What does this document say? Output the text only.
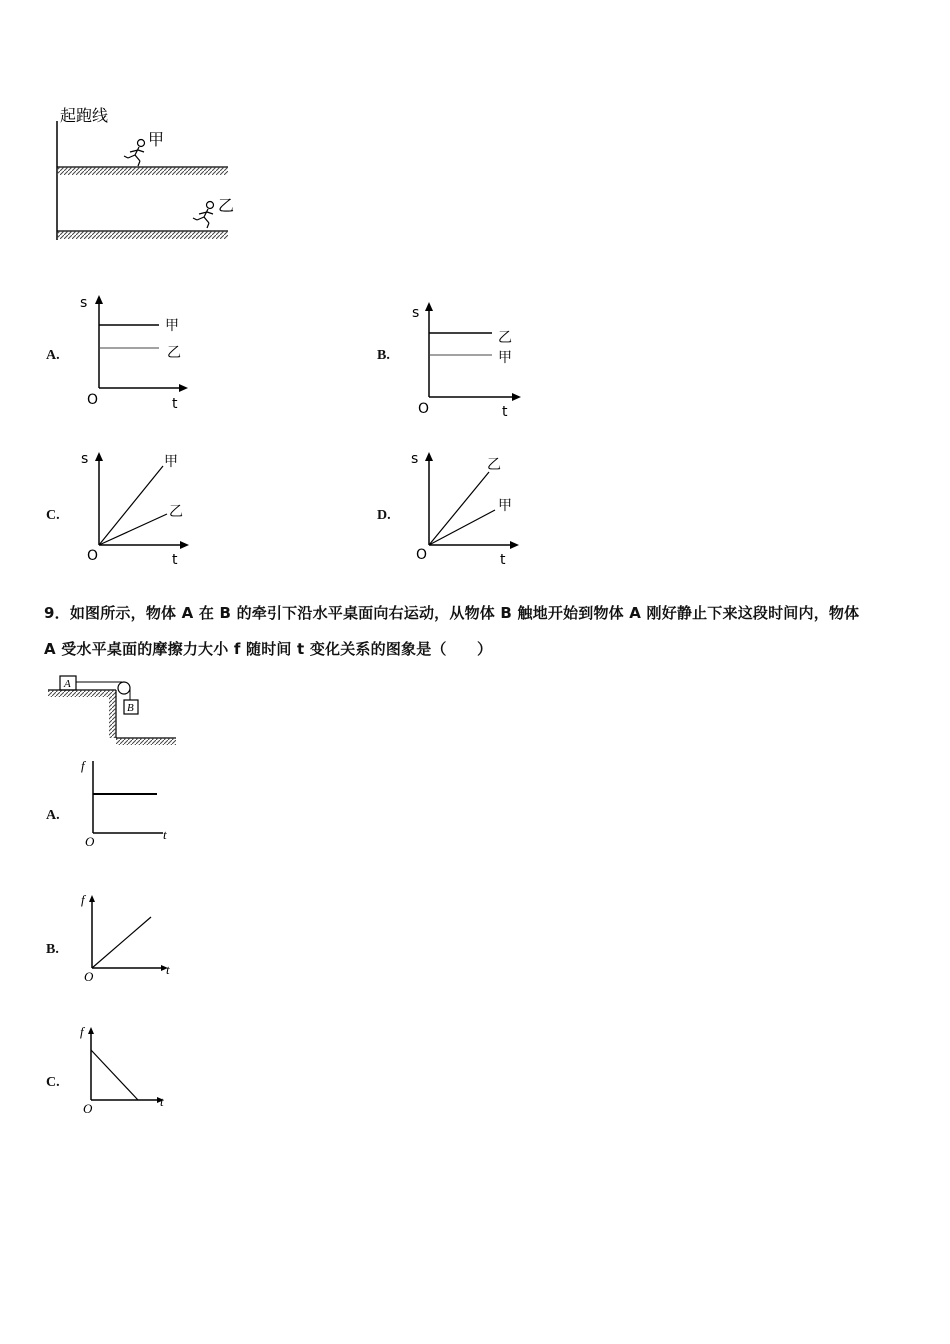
起跑线
甲
乙
A.
s
O	t
甲
乙	B.
s
O	t
乙
甲
C.
s
O	t
甲
乙	D.
s
O	t
乙
甲
9．如图所示，物体 A 在 B 的牵引下沿水平桌面向右运动，从物体 B 触地开始到物体 A 刚好静止下来这段时间内，物体
A 受水平桌面的摩擦力大小 f 随时间 t 变化关系的图象是（　　）
A
B
A.
f
O	t
B.
f
O	t
C.
f
O	t
